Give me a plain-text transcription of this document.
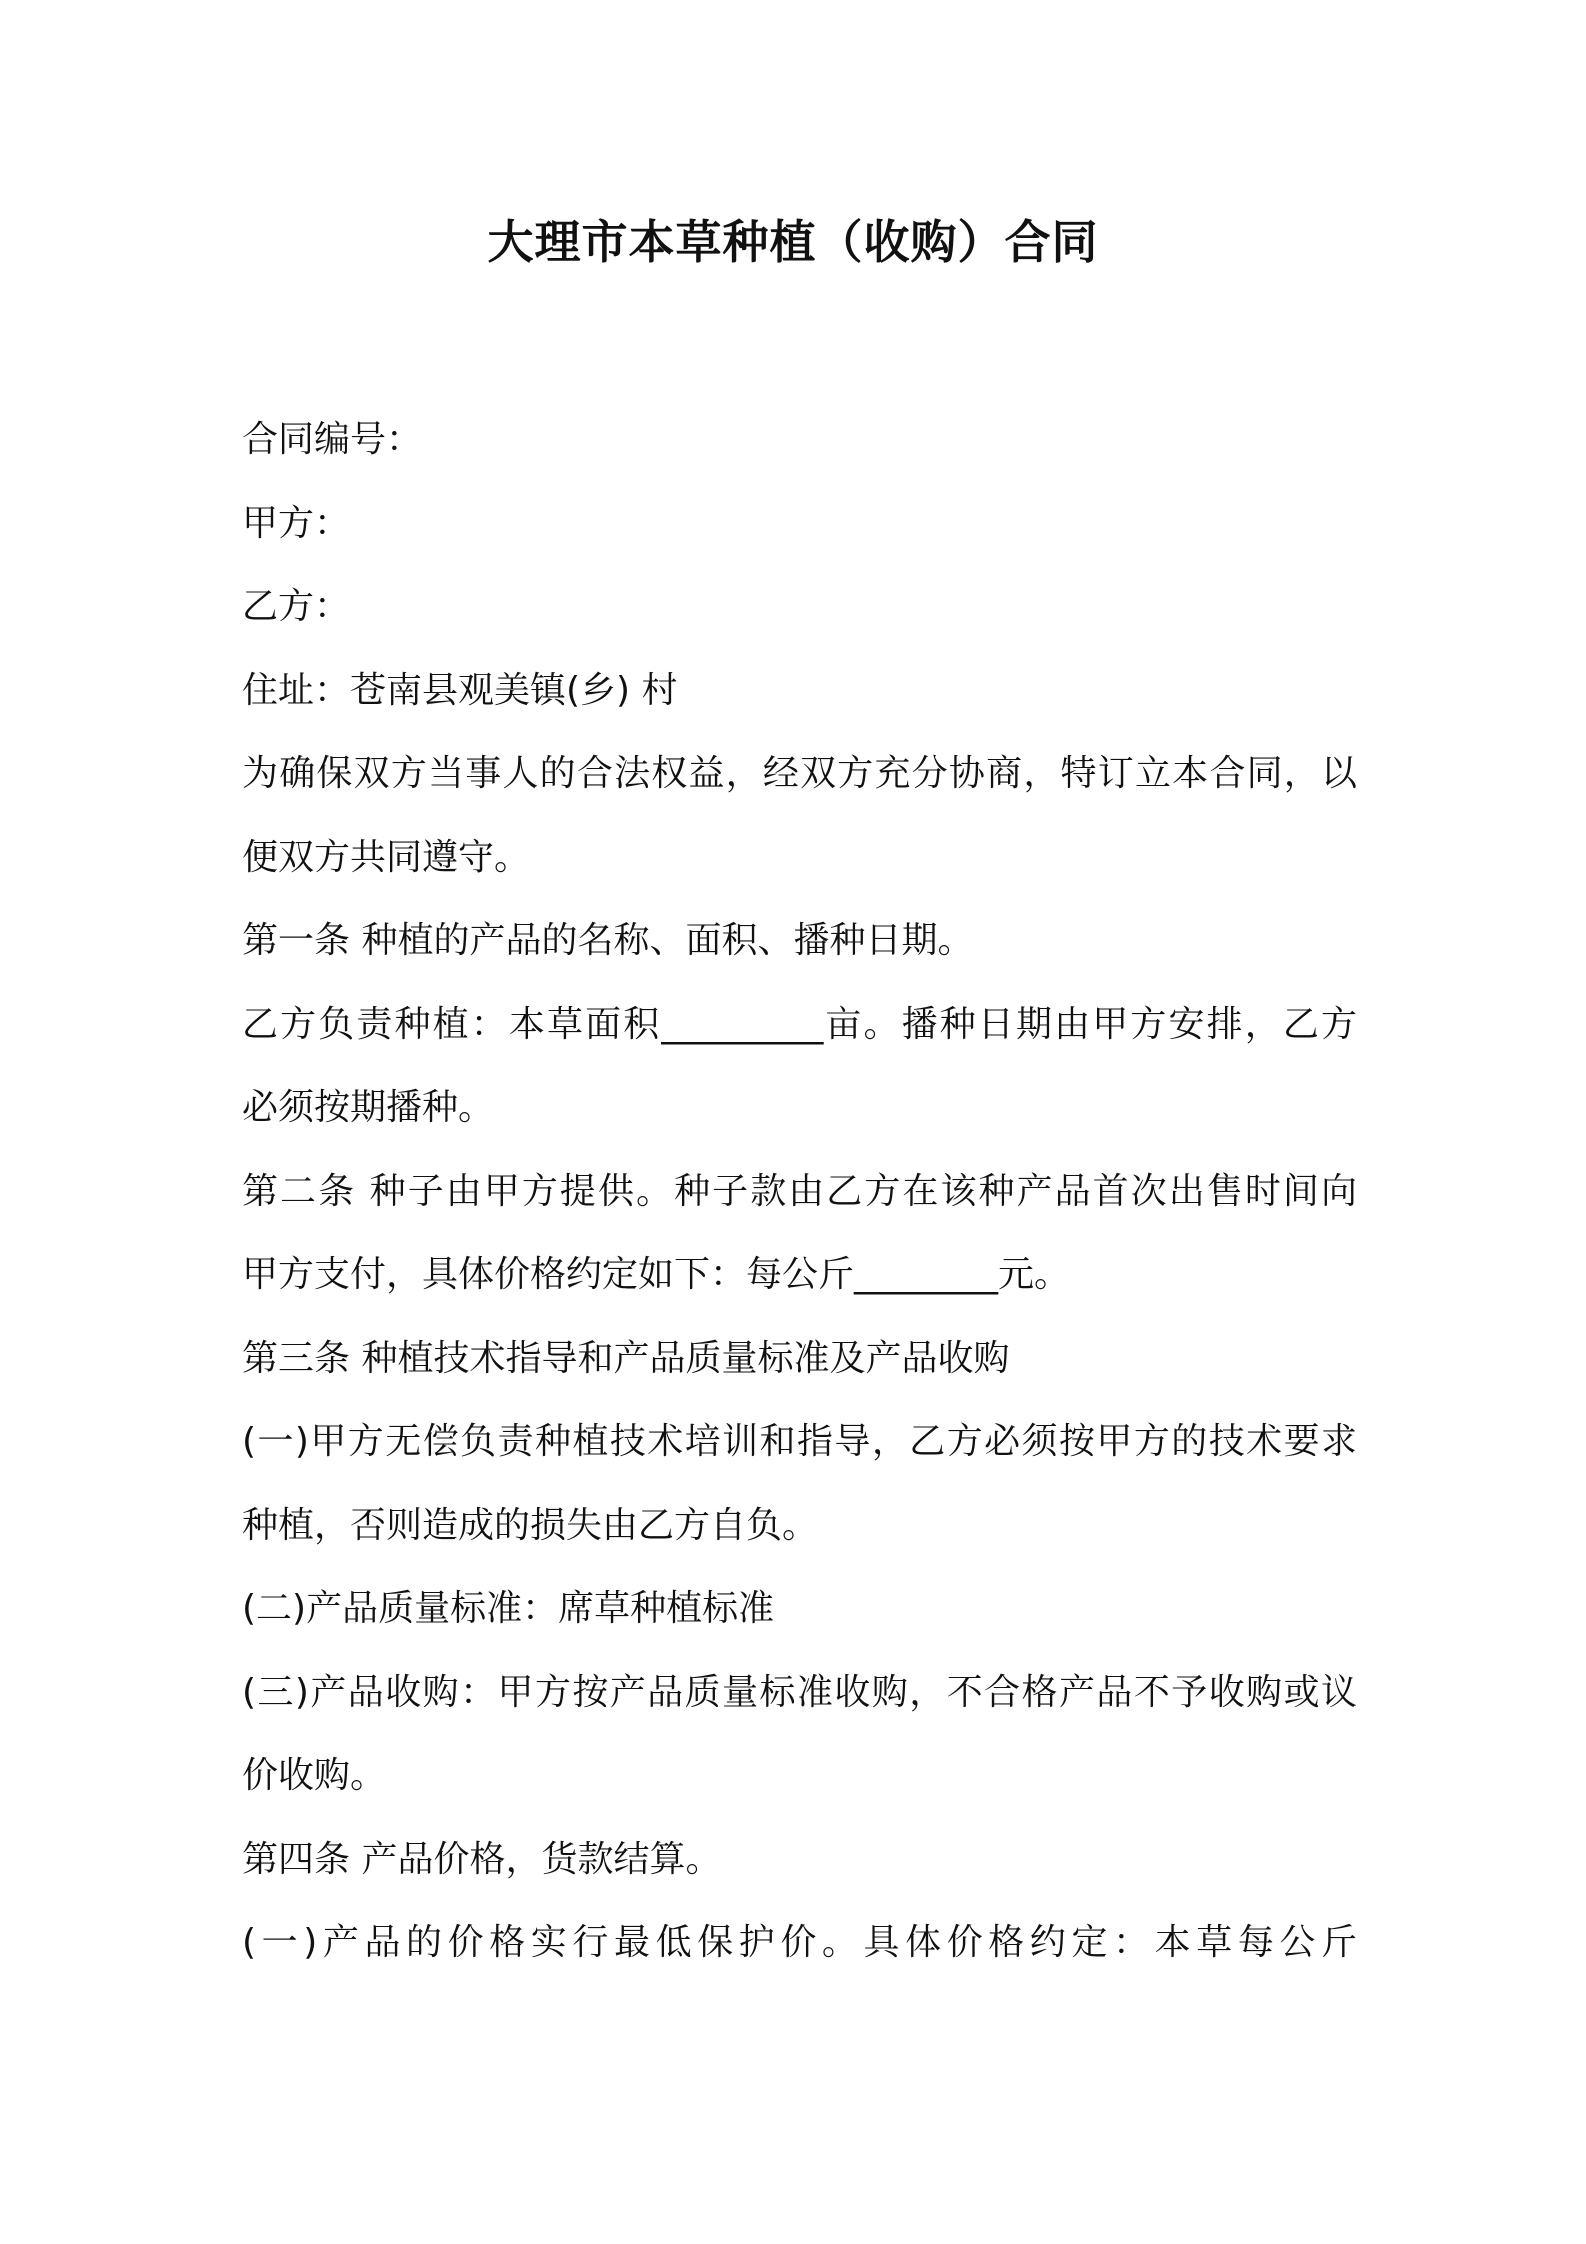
大理市本草种植（收购）合同
合同编号：
甲方：
乙方：
住址：苍南县观美镇(乡) 村
为确保双方当事人的合法权益，经双方充分协商，特订立本合同，以
便双方共同遵守。
第一条 种植的产品的名称、面积、播种日期。
乙方负责种植：本草面积_________亩。播种日期由甲方安排，乙方
必须按期播种。
第二条 种子由甲方提供。种子款由乙方在该种产品首次出售时间向
甲方支付，具体价格约定如下：每公斤________元。
第三条 种植技术指导和产品质量标准及产品收购
(一)甲方无偿负责种植技术培训和指导，乙方必须按甲方的技术要求
种植，否则造成的损失由乙方自负。
(二)产品质量标准：席草种植标准
(三)产品收购：甲方按产品质量标准收购，不合格产品不予收购或议
价收购。
第四条 产品价格，货款结算。
(一)产品的价格实行最低保护价。具体价格约定：本草每公斤
